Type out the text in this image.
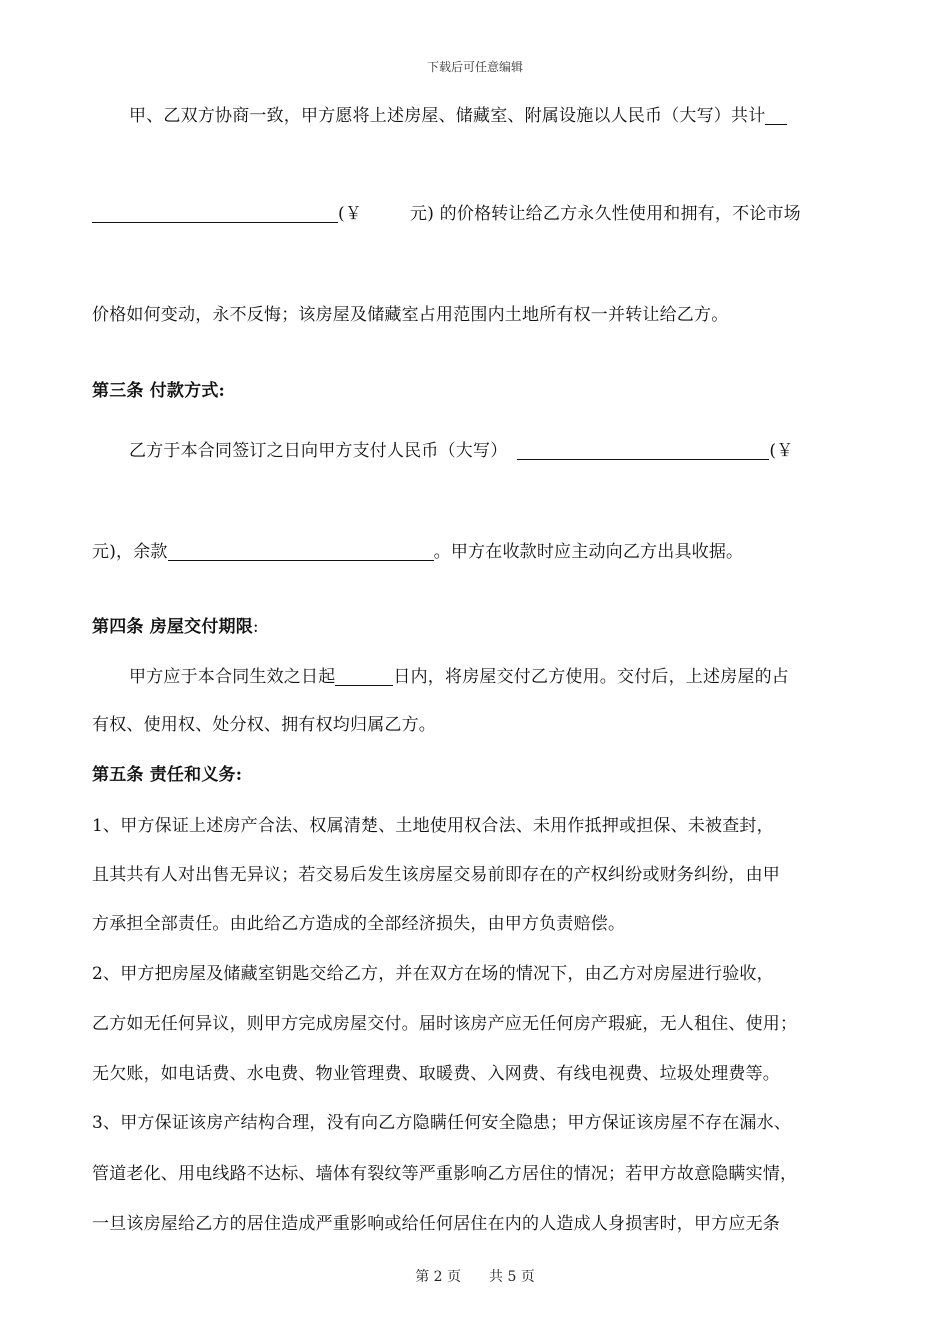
下载后可任意编辑
甲、乙双方协商一致，甲方愿将上述房屋、储藏室、附属设施以人民币（大写）共计
(￥	元) 的价格转让给乙方永久性使用和拥有，不论市场
价格如何变动，永不反悔；该房屋及储藏室占用范围内土地所有权一并转让给乙方。
第三条 付款方式:
乙方于本合同签订之日向甲方支付人民币（大写）	(￥
元)，余款	。甲方在收款时应主动向乙方出具收据。
第四条 房屋交付期限:
甲方应于本合同生效之日起	日内，将房屋交付乙方使用。交付后，上述房屋的占
有权、使用权、处分权、拥有权均归属乙方。
第五条 责任和义务:
1、甲方保证上述房产合法、权属清楚、土地使用权合法、未用作抵押或担保、未被查封，
且其共有人对出售无异议；若交易后发生该房屋交易前即存在的产权纠纷或财务纠纷，由甲
方承担全部责任。由此给乙方造成的全部经济损失，由甲方负责赔偿。
2、甲方把房屋及储藏室钥匙交给乙方，并在双方在场的情况下，由乙方对房屋进行验收，
乙方如无任何异议，则甲方完成房屋交付。届时该房产应无任何房产瑕疵，无人租住、使用；
无欠账，如电话费、水电费、物业管理费、取暖费、入网费、有线电视费、垃圾处理费等。
3、甲方保证该房产结构合理，没有向乙方隐瞒任何安全隐患；甲方保证该房屋不存在漏水、
管道老化、用电线路不达标、墙体有裂纹等严重影响乙方居住的情况；若甲方故意隐瞒实情，
一旦该房屋给乙方的居住造成严重影响或给任何居住在内的人造成人身损害时，甲方应无条
第 2 页 共 5 页
